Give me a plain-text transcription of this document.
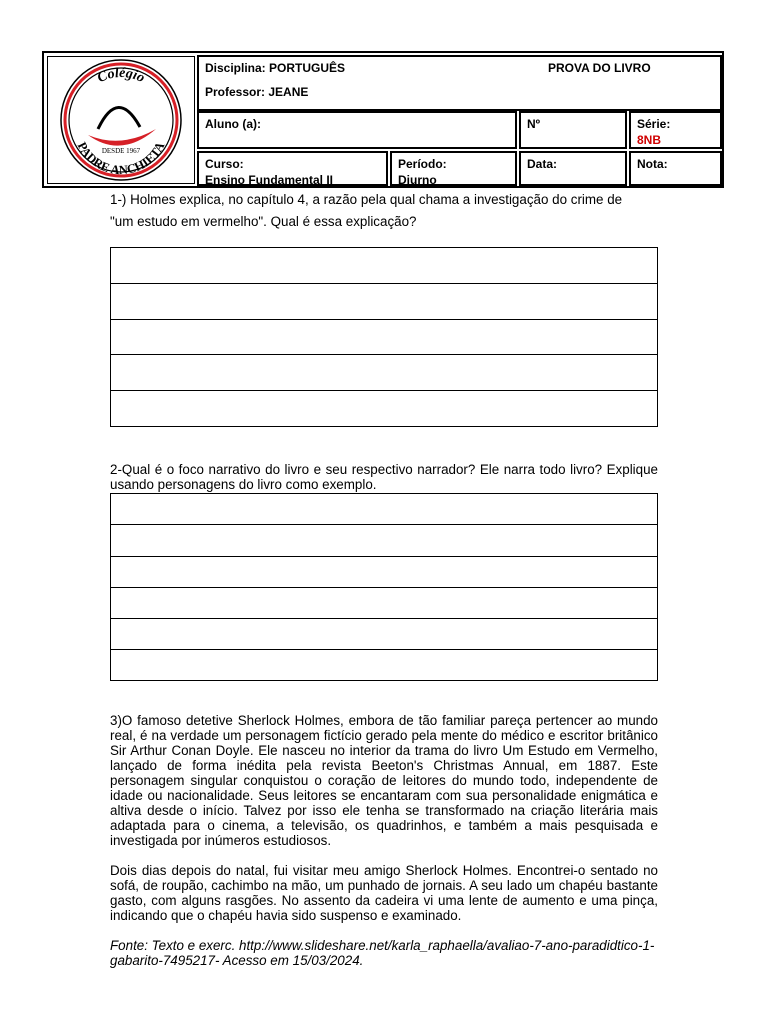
Colégio
DESDE 1967
PADRE ANCHIETA
Disciplina: PORTUGUÊS	PROVA DO LIVRO
Professor: JEANE
Aluno (a):	Nº	Série:
8NB
Curso:
Ensino Fundamental II
Período:
Diurno
Data:	Nota:
1-) Holmes explica, no capítulo 4, a razão pela qual chama a investigação do crime de
"um estudo em vermelho". Qual é essa explicação?
2-Qual é o foco narrativo do livro e seu respectivo narrador? Ele narra todo livro? Explique usando personagens do livro como exemplo.

3)O famoso detetive Sherlock Holmes, embora de tão familiar pareça pertencer ao mundo real, é na verdade um personagem fictício gerado pela mente do médico e escritor britânico Sir Arthur Conan Doyle. Ele nasceu no interior da trama do livro Um Estudo em Vermelho, lançado de forma inédita pela revista Beeton's Christmas Annual, em 1887. Este personagem singular conquistou o coração de leitores do mundo todo, independente de idade ou nacionalidade. Seus leitores se encantaram com sua personalidade enigmática e altiva desde o início. Talvez por isso ele tenha se transformado na criação literária mais adaptada para o cinema, a televisão, os quadrinhos, e também a mais pesquisada e investigada por inúmeros estudiosos.

Dois dias depois do natal, fui visitar meu amigo Sherlock Holmes. Encontrei-o sentado no sofá, de roupão, cachimbo na mão, um punhado de jornais. A seu lado um chapéu bastante gasto, com alguns rasgões. No assento da cadeira vi uma lente de aumento e uma pinça, indicando que o chapéu havia sido suspenso e examinado.

Fonte: Texto e exerc. http://www.slideshare.net/karla_raphaella/avaliao-7-ano-paradidtico-1-gabarito-7495217- Acesso em 15/03/2024.
